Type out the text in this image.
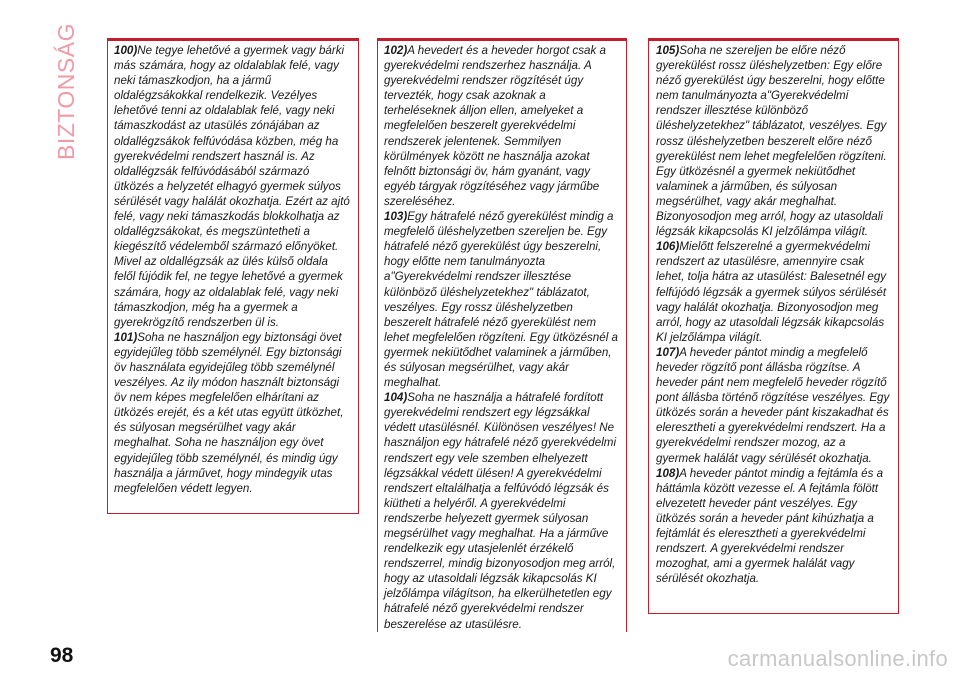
BIZTONSÁG	100)Ne tegye lehetővé a gyermek vagy bárki más számára, hogy az oldalablak felé, vagy neki támaszkodjon, ha a jármű oldalégzsákokkal rendelkezik. Vezélyes lehetővé tenni az oldalablak felé, vagy neki támaszkodást az utasülés zónájában az oldallégzsákok felfúvódása közben, még ha gyerekvédelmi rendszert használ is. Az oldallégzsák felfúvódásából származó ütközés a helyzetét elhagyó gyermek súlyos sérülését vagy halálát okozhatja. Ezért az ajtó felé, vagy neki támaszkodás blokkolhatja az oldallégzsákokat, és megszüntetheti a kiegészítő védelemből származó előnyöket. Mivel az oldallégzsák az ülés külső oldala felől fújódik fel, ne tegye lehetővé a gyermek számára, hogy az oldalablak felé, vagy neki támaszkodjon, még ha a gyermek a gyerekrögzítő rendszerben ül is.

101)Soha ne használjon egy biztonsági övet egyidejűleg több személynél. Egy biztonsági öv használata egyidejűleg több személynél veszélyes. Az ily módon használt biztonsági öv nem képes megfelelően elhárítani az ütközés erejét, és a két utas együtt ütközhet, és súlyosan megsérülhet vagy akár meghalhat. Soha ne használjon egy övet egyidejűleg több személynél, és mindig úgy használja a járművet, hogy mindegyik utas megfelelően védett legyen.

102)A hevedert és a heveder horgot csak a gyerekvédelmi rendszerhez használja. A gyerekvédelmi rendszer rögzítését úgy tervezték, hogy csak azoknak a terheléseknek álljon ellen, amelyeket a megfelelően beszerelt gyerekvédelmi rendszerek jelentenek. Semmilyen körülmények között ne használja azokat felnőtt biztonsági öv, hám gyanánt, vagy egyéb tárgyak rögzítéséhez vagy járműbe szereléséhez.

103)Egy hátrafelé néző gyerekülést mindig a megfelelő üléshelyzetben szereljen be. Egy hátrafelé néző gyerekülést úgy beszerelni, hogy előtte nem tanulmányozta a"Gyerekvédelmi rendszer illesztése különböző üléshelyzetekhez" táblázatot, veszélyes. Egy rossz üléshelyzetben beszerelt hátrafelé néző gyerekülést nem lehet megfelelően rögzíteni. Egy ütközésnél a gyermek nekiütődhet valaminek a járműben, és súlyosan megsérülhet, vagy akár meghalhat.

104)Soha ne használja a hátrafelé fordított gyerekvédelmi rendszert egy légzsákkal védett utasülésnél. Különösen veszélyes! Ne használjon egy hátrafelé néző gyerekvédelmi rendszert egy vele szemben elhelyezett légzsákkal védett ülésen! A gyerekvédelmi rendszert eltalálhatja a felfúvódó légzsák és kiütheti a helyéről. A gyerekvédelmi rendszerbe helyezett gyermek súlyosan megsérülhet vagy meghalhat. Ha a járműve rendelkezik egy utasjelenlét érzékelő rendszerrel, mindig bizonyosodjon meg arról, hogy az utasoldali légzsák kikapcsolás KI jelzőlámpa világítson, ha elkerülhetetlen egy hátrafelé néző gyerekvédelmi rendszer beszerelése az utasülésre.

105)Soha ne szereljen be előre néző gyerekülést rossz üléshelyzetben: Egy előre néző gyerekülést úgy beszerelni, hogy előtte nem tanulmányozta a"Gyerekvédelmi rendszer illesztése különböző üléshelyzetekhez" táblázatot, veszélyes. Egy rossz üléshelyzetben beszerelt előre néző gyerekülést nem lehet megfelelően rögzíteni. Egy ütközésnél a gyermek nekiütődhet valaminek a járműben, és súlyosan megsérülhet, vagy akár meghalhat. Bizonyosodjon meg arról, hogy az utasoldali légzsák kikapcsolás KI jelzőlámpa világít.

106)Mielőtt felszerelné a gyermekvédelmi rendszert az utasülésre, amennyire csak lehet, tolja hátra az utasülést: Balesetnél egy felfújódó légzsák a gyermek súlyos sérülését vagy halálát okozhatja. Bizonyosodjon meg arról, hogy az utasoldali légzsák kikapcsolás KI jelzőlámpa világít.

107)A heveder pántot mindig a megfelelő heveder rögzítő pont állásba rögzítse. A heveder pánt nem megfelelő heveder rögzítő pont állásba történő rögzítése veszélyes. Egy ütközés során a heveder pánt kiszakadhat és eleresztheti a gyerekvédelmi rendszert. Ha a gyerekvédelmi rendszer mozog, az a gyermek halálát vagy sérülését okozhatja.

108)A heveder pántot mindig a fejtámla és a háttámla között vezesse el. A fejtámla fölött elvezetett heveder pánt veszélyes. Egy ütközés során a heveder pánt kihúzhatja a fejtámlát és eleresztheti a gyerekvédelmi rendszert. A gyerekvédelmi rendszer mozoghat, ami a gyermek halálát vagy sérülését okozhatja.

98	carmanualsonline.info
